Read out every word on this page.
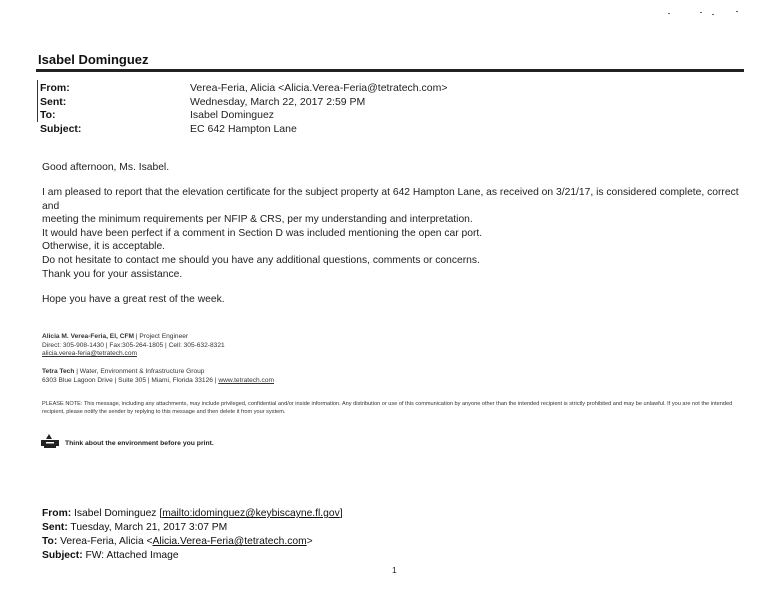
Isabel Dominguez
From:	Verea-Feria, Alicia <Alicia.Verea-Feria@tetratech.com>
Sent:	Wednesday, March 22, 2017 2:59 PM
To:	Isabel Dominguez
Subject:	EC 642 Hampton Lane
Good afternoon, Ms. Isabel.
I am pleased to report that the elevation certificate for the subject property at 642 Hampton Lane, as received on 3/21/17, is considered complete, correct and
meeting the minimum requirements per NFIP & CRS, per my understanding and interpretation.
It would have been perfect if a comment in Section D was included mentioning the open car port.
Otherwise, it is acceptable.
Do not hesitate to contact me should you have any additional questions, comments or concerns.
Thank you for your assistance.
Hope you have a great rest of the week.
Alicia M. Verea-Feria, EI, CFM | Project Engineer
Direct: 305-908-1430 | Fax:305-264-1805 | Cell: 305-632-8321
alicia.verea-feria@tetratech.com
Tetra Tech | Water, Environment & Infrastructure Group
6303 Blue Lagoon Drive | Suite 305 | Miami, Florida 33126 | www.tetratech.com
PLEASE NOTE: This message, including any attachments, may include privileged, confidential and/or inside information. Any distribution or use of this communication by anyone other than the intended recipient is strictly prohibited and may be unlawful. If you are not the intended recipient, please notify the sender by replying to this message and then delete it from your system.
Think about the environment before you print.
From: Isabel Dominguez [mailto:idominguez@keybiscayne.fl.gov]
Sent: Tuesday, March 21, 2017 3:07 PM
To: Verea-Feria, Alicia <Alicia.Verea-Feria@tetratech.com>
Subject: FW: Attached Image
1
